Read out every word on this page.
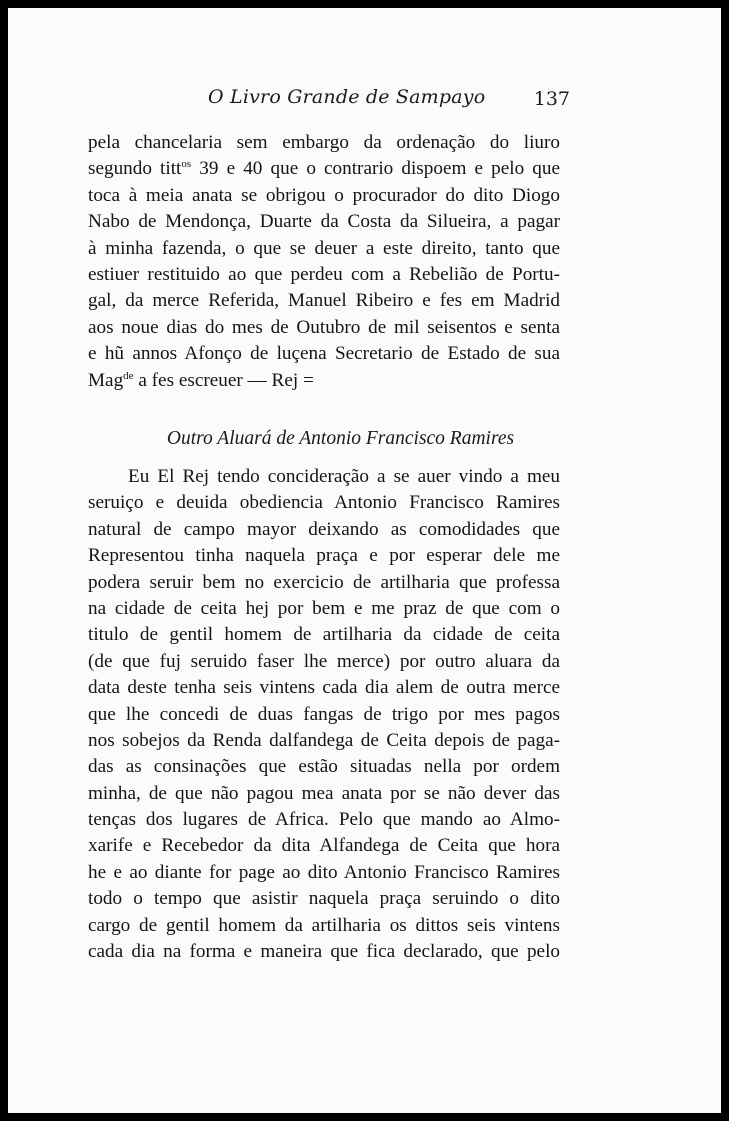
O Livro Grande de Sampayo	137
pela chancelaria sem embargo da ordenação do liuro
segundo titt$^{os}$ 39 e 40 que o contrario dispoem e pelo que
toca à meia anata se obrigou o procurador do dito Diogo
Nabo de Mendonça, Duarte da Costa da Silueira, a pagar
à minha fazenda, o que se deuer a este direito, tanto que
estiuer restituido ao que perdeu com a Rebelião de Portu-
gal, da merce Referida, Manuel Ribeiro e fes em Madrid
aos noue dias do mes de Outubro de mil seisentos e senta
e hũ annos Afonço de luçena Secretario de Estado de sua
Mag$^{de}$ a fes escreuer — Rej =
Outro Aluará de Antonio Francisco Ramires
Eu El Rej tendo concideração a se auer vindo a meu
seruiço e deuida obediencia Antonio Francisco Ramires
natural de campo mayor deixando as comodidades que
Representou tinha naquela praça e por esperar dele me
podera seruir bem no exercicio de artilharia que professa
na cidade de ceita hej por bem e me praz de que com o
titulo de gentil homem de artilharia da cidade de ceita
(de que fuj seruido faser lhe merce) por outro aluara da
data deste tenha seis vintens cada dia alem de outra merce
que lhe concedi de duas fangas de trigo por mes pagos
nos sobejos da Renda dalfandega de Ceita depois de paga-
das as consinações que estão situadas nella por ordem
minha, de que não pagou mea anata por se não dever das
tenças dos lugares de Africa. Pelo que mando ao Almo-
xarife e Recebedor da dita Alfandega de Ceita que hora
he e ao diante for page ao dito Antonio Francisco Ramires
todo o tempo que asistir naquela praça seruindo o dito
cargo de gentil homem da artilharia os dittos seis vintens
cada dia na forma e maneira que fica declarado, que pelo
